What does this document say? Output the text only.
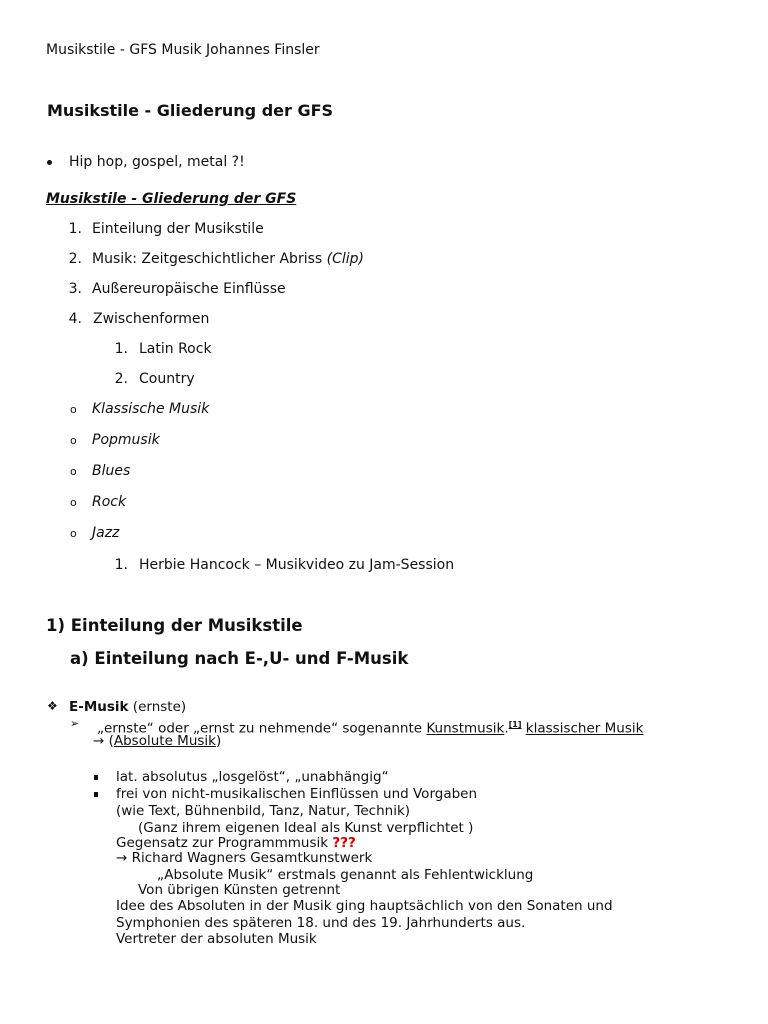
Musikstile - GFS Musik Johannes Finsler
Musikstile - Gliederung der GFS
Hip hop, gospel, metal ?!
Musikstile - Gliederung der GFS
1. Einteilung der Musikstile
2. Musik: Zeitgeschichtlicher Abriss (Clip)
3. Außereuropäische Einflüsse
4. Zwischenformen
1. Latin Rock
2. Country
o Klassische Musik
o Popmusik
o Blues
o Rock
o Jazz
1. Herbie Hancock – Musikvideo zu Jam-Session
1) Einteilung der Musikstile
a) Einteilung nach E-,U- und F-Musik
❖ E-Musik (ernste)
➢ „ernste“ oder „ernst zu nehmende“ sogenannte Kunstmusik.[1] klassischer Musik
→ (Absolute Musik)
lat. absolutus „losgelöst“, „unabhängig“
frei von nicht-musikalischen Einflüssen und Vorgaben
(wie Text, Bühnenbild, Tanz, Natur, Technik)
(Ganz ihrem eigenen Ideal als Kunst verpflichtet )
Gegensatz zur Programmmusik ???
→ Richard Wagners Gesamtkunstwerk
„Absolute Musik“ erstmals genannt als Fehlentwicklung
Von übrigen Künsten getrennt
Idee des Absoluten in der Musik ging hauptsächlich von den Sonaten und
Symphonien des späteren 18. und des 19. Jahrhunderts aus.
Vertreter der absoluten Musik
